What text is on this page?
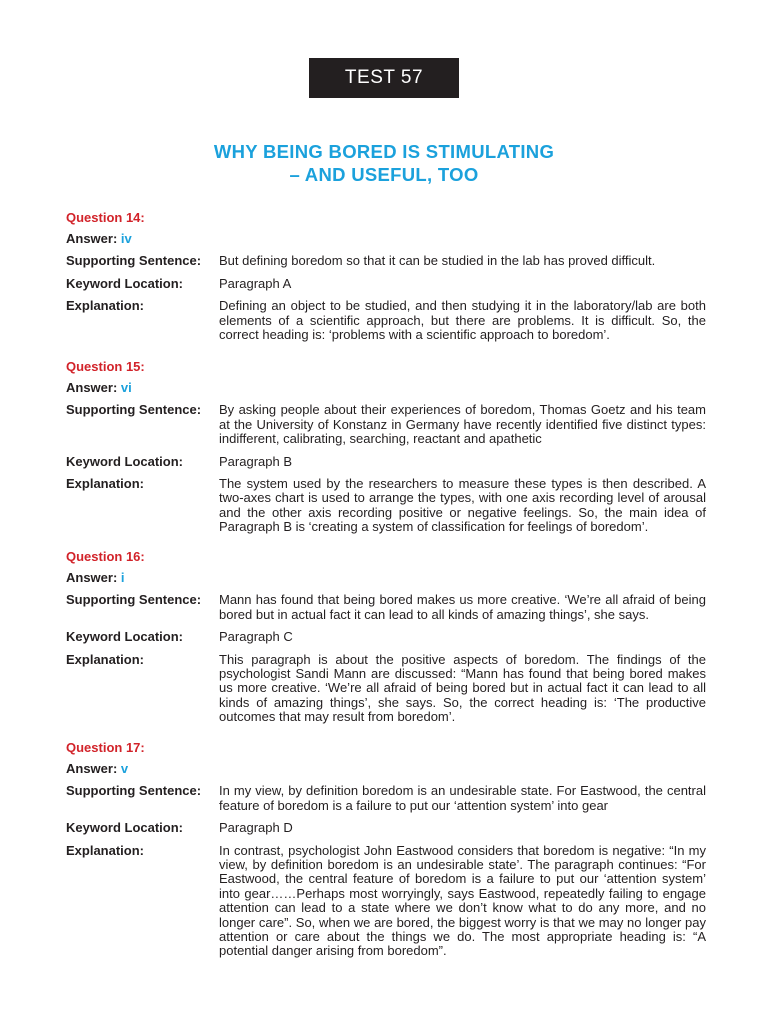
TEST 57
WHY BEING BORED IS STIMULATING
– AND USEFUL, TOO
Question 14:
Answer:
iv
Supporting Sentence:	But defining boredom so that it can be studied in the lab has proved difficult.
Keyword Location:	Paragraph A
Explanation:	Defining an object to be studied, and then studying it in the laboratory/lab are both elements of a scientific approach, but there are problems. It is difficult. So, the correct heading is: ‘problems with a scientific approach to boredom’.
Question 15:
Answer:
vi
Supporting Sentence:	By asking people about their experiences of boredom, Thomas Goetz and his team at the University of Konstanz in Germany have recently identified five distinct types: indifferent, calibrating, searching, reactant and apathetic
Keyword Location:	Paragraph B
Explanation:	The system used by the researchers to measure these types is then described. A two-axes chart is used to arrange the types, with one axis recording level of arousal and the other axis recording positive or negative feelings. So, the main idea of Paragraph B is ‘creating a system of classification for feelings of boredom’.
Question 16:
Answer:
i
Supporting Sentence:	Mann has found that being bored makes us more creative. ‘We’re all afraid of being bored but in actual fact it can lead to all kinds of amazing things’, she says.
Keyword Location:	Paragraph C
Explanation:	This paragraph is about the positive aspects of boredom. The findings of the psychologist Sandi Mann are discussed: “Mann has found that being bored makes us more creative. ‘We’re all afraid of being bored but in actual fact it can lead to all kinds of amazing things’, she says. So, the correct heading is: ‘The productive outcomes that may result from boredom’.
Question 17:
Answer:
v
Supporting Sentence:	In my view, by definition boredom is an undesirable state. For Eastwood, the central feature of boredom is a failure to put our ‘attention system’ into gear
Keyword Location:	Paragraph D
Explanation:	In contrast, psychologist John Eastwood considers that boredom is negative: “In my view, by definition boredom is an undesirable state’. The paragraph continues: “For Eastwood, the central feature of boredom is a failure to put our ‘attention system’ into gear……Perhaps most worryingly, says Eastwood, repeatedly failing to engage attention can lead to a state where we don’t know what to do any more, and no longer care”. So, when we are bored, the biggest worry is that we may no longer pay attention or care about the things we do. The most appropriate heading is: “A potential danger arising from boredom”.
